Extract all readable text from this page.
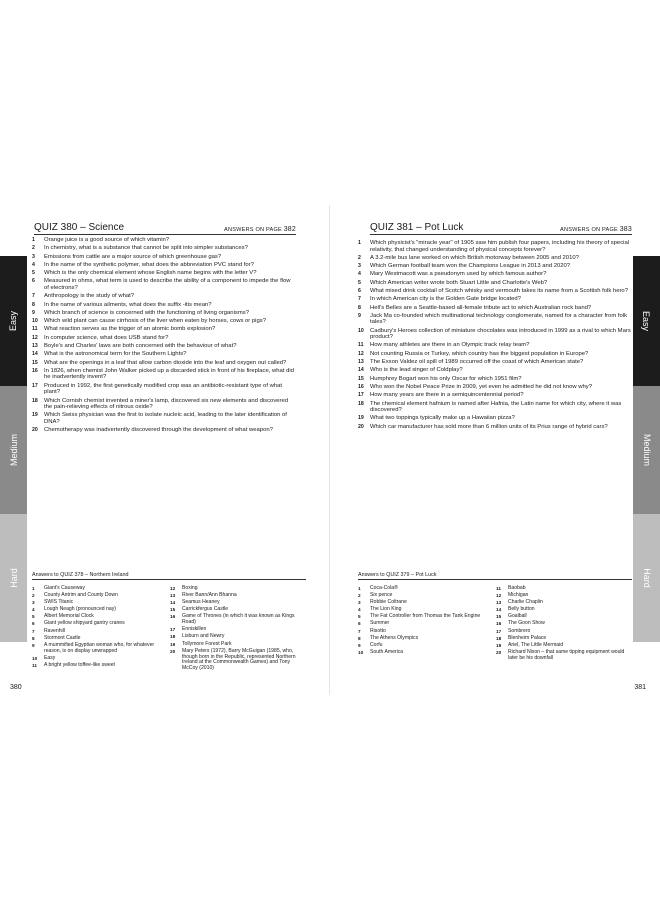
Easy
Medium
Hard
QUIZ 380 – Science	ANSWERS ON PAGE 382
1	Orange juice is a good source of which vitamin?
2	In chemistry, what is a substance that cannot be split into simpler substances?
3	Emissions from cattle are a major source of which greenhouse gas?
4	In the name of the synthetic polymer, what does the abbreviation PVC stand for?
5	Which is the only chemical element whose English name begins with the letter V?
6	Measured in ohms, what term is used to describe the ability of a component to impede the flow of electrons?
7	Anthropology is the study of what?
8	In the name of various ailments, what does the suffix -itis mean?
9	Which branch of science is concerned with the functioning of living organisms?
10	Which wild plant can cause cirrhosis of the liver when eaten by horses, cows or pigs?
11	What reaction serves as the trigger of an atomic bomb explosion?
12	In computer science, what does USB stand for?
13	Boyle's and Charles' laws are both concerned with the behaviour of what?
14	What is the astronomical term for the Southern Lights?
15	What are the openings in a leaf that allow carbon dioxide into the leaf and oxygen out called?
16	In 1826, when chemist John Walker picked up a discarded stick in front of his fireplace, what did he inadvertently invent?
17	Produced in 1992, the first genetically modified crop was an antibiotic-resistant type of what plant?
18	Which Cornish chemist invented a miner's lamp, discovered six new elements and discovered the pain-relieving effects of nitrous oxide?
19	Which Swiss physician was the first to isolate nucleic acid, leading to the later identification of DNA?
20	Chemotherapy was inadvertently discovered through the development of what weapon?
Answers to QUIZ 378 – Northern Ireland
1	Giant's Causeway
2	County Antrim and County Down
3	SWIS Titanic
4	Lough Neagh (pronounced nay)
5	Albert Memorial Clock
6	Giant yellow shipyard gantry cranes
7	Ravenhill
8	Stormont Castle
9	A mummified Egyptian woman who, for whatever reason, is on display unwrapped
10	Easy
11	A bright yellow toffee-like sweet
12	Boxing
13	River Bann/Ann Bhanna
14	Seamus Heaney
15	Carrickfergus Castle
16	Game of Thrones (in which it was known as Kings Road)
17	Enniskillen
18	Lisburn and Newry
19	Tollymore Forest Park
20	Mary Peters (1972), Barry McGuigan (1985, who, though born in the Republic, represented Northern Ireland at the Commonwealth Games) and Tony McCoy (2010)
380
Easy
Medium
Hard
QUIZ 381 – Pot Luck	ANSWERS ON PAGE 383
1	Which physicist's "miracle year" of 1905 saw him publish four papers, including his theory of special relativity, that changed understanding of physical concepts forever?
2	A 3.2-mile bus lane worked on which British motorway between 2005 and 2010?
3	Which German football team won the Champions League in 2013 and 2020?
4	Mary Westmacott was a pseudonym used by which famous author?
5	Which American writer wrote both Stuart Little and Charlotte's Web?
6	What mixed drink cocktail of Scotch whisky and vermouth takes its name from a Scottish folk hero?
7	In which American city is the Golden Gate bridge located?
8	Hell's Belles are a Seattle-based all-female tribute act to which Australian rock band?
9	Jack Ma co-founded which multinational technology conglomerate, named for a character from folk tales?
10	Cadbury's Heroes collection of miniature chocolates was introduced in 1999 as a rival to which Mars product?
11	How many athletes are there in an Olympic track relay team?
12	Not counting Russia or Turkey, which country has the biggest population in Europe?
13	The Exxon Valdez oil spill of 1989 occurred off the coast of which American state?
14	Who is the lead singer of Coldplay?
15	Humphrey Bogart won his only Oscar for which 1951 film?
16	Who won the Nobel Peace Prize in 2009, yet even he admitted he did not know why?
17	How many years are there in a semiquincentennial period?
18	The chemical element hafnium is named after Hafnia, the Latin name for which city, where it was discovered?
19	What two toppings typically make up a Hawaiian pizza?
20	Which car manufacturer has sold more than 6 million units of its Prius range of hybrid cars?
Answers to QUIZ 379 – Pot Luck
1	Coca-Cola®
2	Six pence
3	Robbie Coltrane
4	The Lion King
5	The Fat Controller from Thomas the Tank Engine
6	Summer
7	Risotto
8	The Athens Olympics
9	Corfu
10	South America
11	Baobab
12	Michigan
13	Charlie Chaplin
14	Belly button
15	Goalball
16	The Goon Show
17	Sombrero
18	Blenheim Palace
19	Ariel, The Little Mermaid
20	Richard Nixon – that same tipping equipment would later be his downfall
381
